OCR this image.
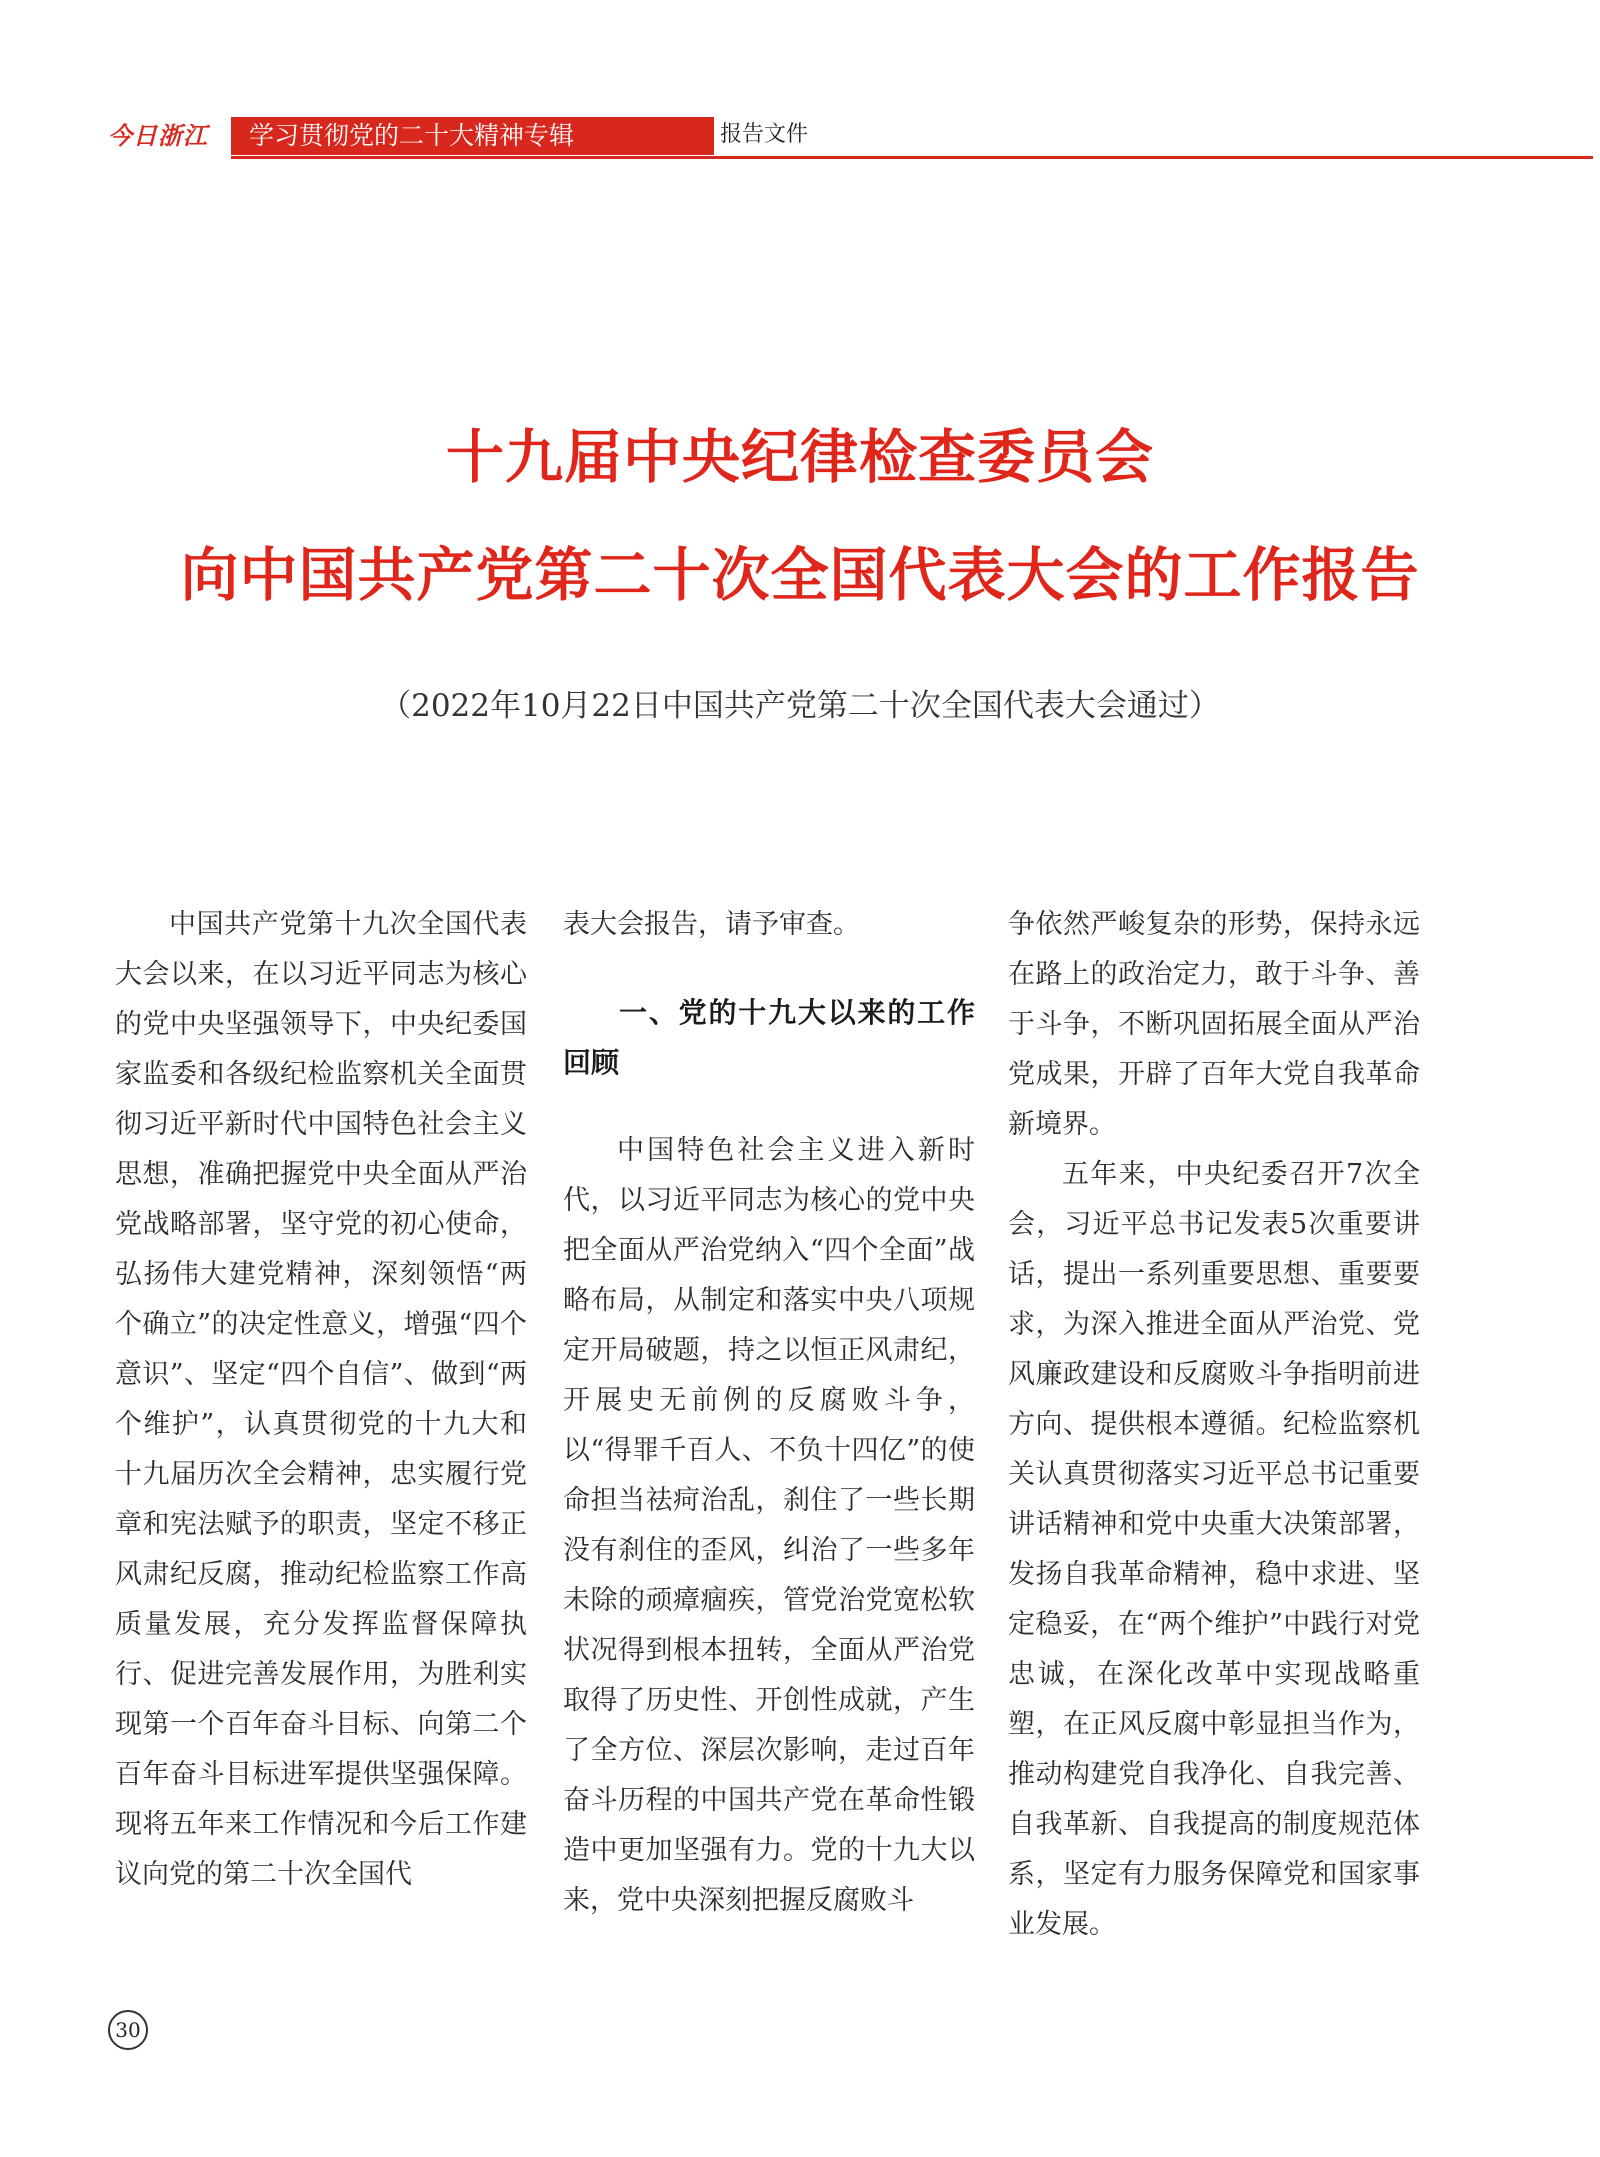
今日浙江	学习贯彻党的二十大精神专辑	报告文件
十九届中央纪律检查委员会
向中国共产党第二十次全国代表大会的工作报告
（2022年10月22日中国共产党第二十次全国代表大会通过）

中国共产党第十九次全国代表大会以来，在以习近平同志为核心的党中央坚强领导下，中央纪委国家监委和各级纪检监察机关全面贯彻习近平新时代中国特色社会主义思想，准确把握党中央全面从严治党战略部署，坚守党的初心使命，弘扬伟大建党精神，深刻领悟“两个确立”的决定性意义，增强“四个意识”、坚定“四个自信”、做到“两个维护”，认真贯彻党的十九大和十九届历次全会精神，忠实履行党章和宪法赋予的职责，坚定不移正风肃纪反腐，推动纪检监察工作高质量发展，充分发挥监督保障执行、促进完善发展作用，为胜利实现第一个百年奋斗目标、向第二个百年奋斗目标进军提供坚强保障。现将五年来工作情况和今后工作建议向党的第二十次全国代

表大会报告，请予审查。

一、党的十九大以来的工作回顾

中国特色社会主义进入新时代，以习近平同志为核心的党中央把全面从严治党纳入“四个全面”战略布局，从制定和落实中央八项规定开局破题，持之以恒正风肃纪，开展史无前例的反腐败斗争，以“得罪千百人、不负十四亿”的使命担当祛疴治乱，刹住了一些长期没有刹住的歪风，纠治了一些多年未除的顽瘴痼疾，管党治党宽松软状况得到根本扭转，全面从严治党取得了历史性、开创性成就，产生了全方位、深层次影响，走过百年奋斗历程的中国共产党在革命性锻造中更加坚强有力。党的十九大以来，党中央深刻把握反腐败斗

争依然严峻复杂的形势，保持永远在路上的政治定力，敢于斗争、善于斗争，不断巩固拓展全面从严治党成果，开辟了百年大党自我革命新境界。

五年来，中央纪委召开7次全会，习近平总书记发表5次重要讲话，提出一系列重要思想、重要要求，为深入推进全面从严治党、党风廉政建设和反腐败斗争指明前进方向、提供根本遵循。纪检监察机关认真贯彻落实习近平总书记重要讲话精神和党中央重大决策部署，发扬自我革命精神，稳中求进、坚定稳妥，在“两个维护”中践行对党忠诚，在深化改革中实现战略重塑，在正风反腐中彰显担当作为，推动构建党自我净化、自我完善、自我革新、自我提高的制度规范体系，坚定有力服务保障党和国家事业发展。

30
